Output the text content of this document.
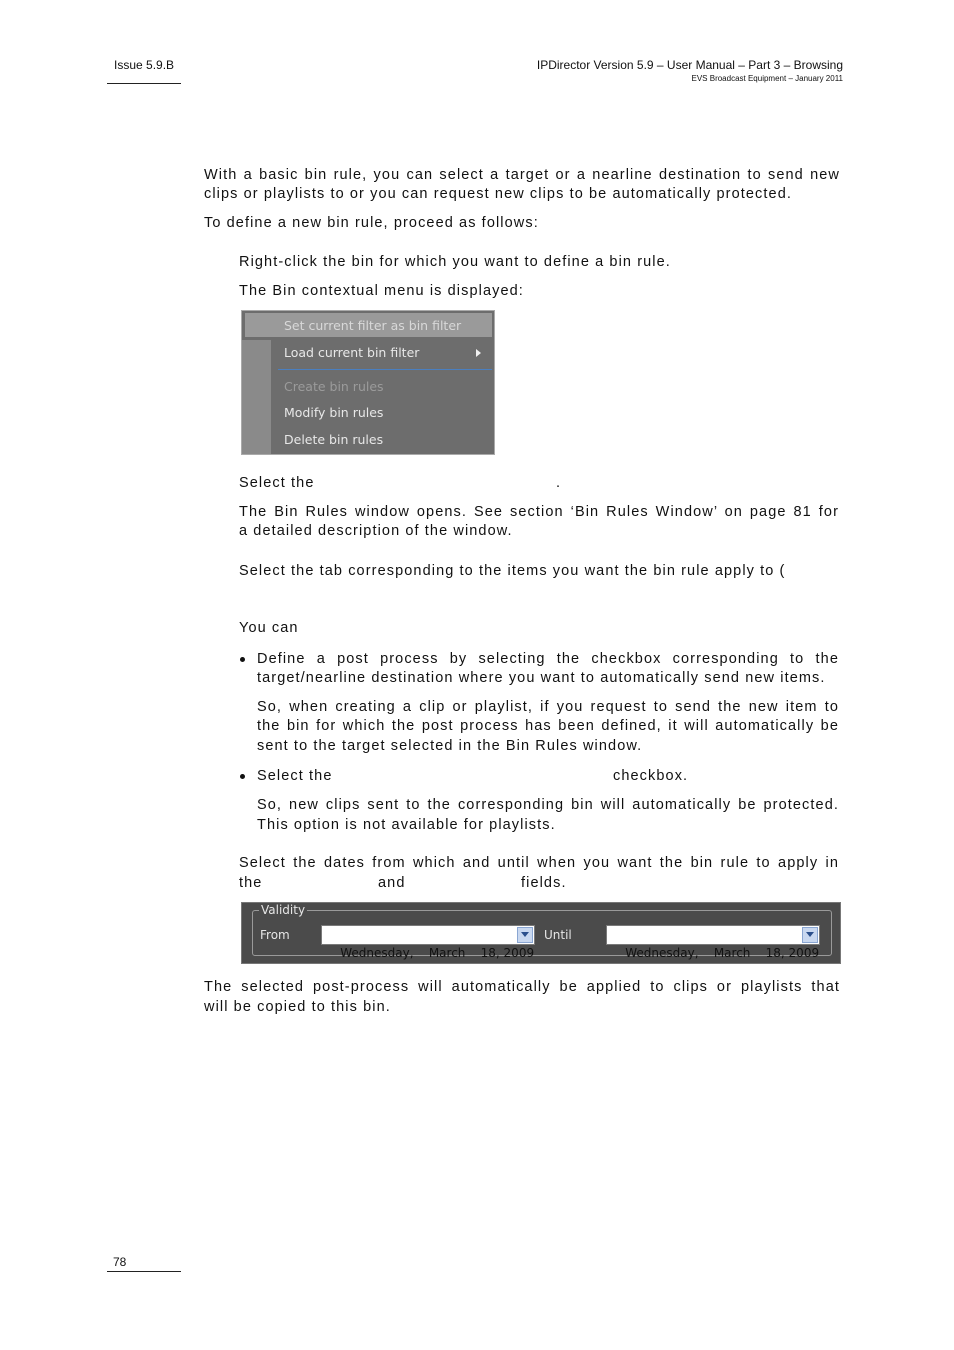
Issue 5.9.B	IPDirector Version 5.9 – User Manual – Part 3 – Browsing
EVS Broadcast Equipment – January 2011
With a basic bin rule, you can select a target or a nearline destination to send new
clips or playlists to or you can request new clips to be automatically protected.
To define a new bin rule, proceed as follows:
Right-click the bin for which you want to define a bin rule.
The Bin contextual menu is displayed:
Set current filter as bin filter
Load current bin filter
Create bin rules
Modify bin rules
Delete bin rules
Select the	.
The Bin Rules window opens. See section ‘Bin Rules Window’ on page 81 for
a detailed description of the window.
Select the tab corresponding to the items you want the bin rule apply to (
You can
Define a post process by selecting the checkbox corresponding to the
target/nearline destination where you want to automatically send new items.
So, when creating a clip or playlist, if you request to send the new item to
the bin for which the post process has been defined, it will automatically be
sent to the target selected in the Bin Rules window.
Select the	checkbox.
So, new clips sent to the corresponding bin will automatically be protected.
This option is not available for playlists.
Select the dates from which and until when you want the bin rule to apply in
the	and	fields.
Validity
From

Wednesday,    March    18, 2009

Until

Wednesday,    March    18, 2009

The selected post-process will automatically be applied to clips or playlists that
will be copied to this bin.
78
